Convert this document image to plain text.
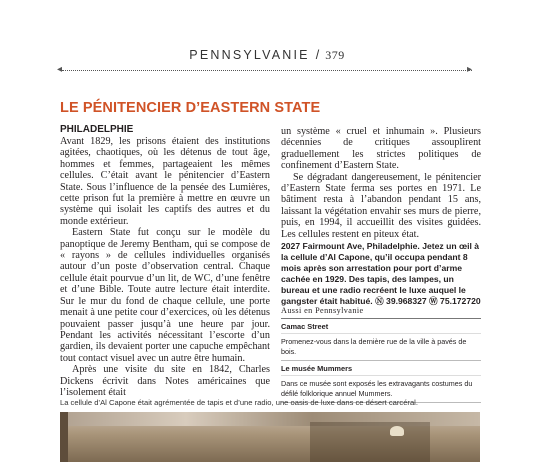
PENNSYLVANIE / 379
◂	▸
LE PÉNITENCIER D’EASTERN STATE
PHILADELPHIE

Avant 1829, les prisons étaient des institutions agitées, chaotiques, où les détenus de tout âge, hommes et femmes, partageaient les mêmes cellules. C’était avant le pénitencier d’Eastern State. Sous l’influence de la pensée des Lumières, cette prison fut la première à mettre en œuvre un système qui isolait les captifs des autres et du monde extérieur.

Eastern State fut conçu sur le modèle du panoptique de Jeremy Bentham, qui se compose de « rayons » de cellules individuelles organisés autour d’un poste d’observation central. Chaque cellule était pourvue d’un lit, de WC, d’une fenêtre et d’une Bible. Toute autre lecture était interdite. Sur le mur du fond de chaque cellule, une porte menait à une petite cour d’exercices, où les détenus pouvaient passer jusqu’à une heure par jour. Pendant les activités nécessitant l’escorte d’un gardien, ils devaient porter une capuche empêchant tout contact visuel avec un autre être humain.

Après une visite du site en 1842, Charles Dickens écrivit dans Notes américaines que l’isolement était

un système « cruel et inhumain ». Plusieurs décennies de critiques assouplirent graduellement les strictes politiques de confinement d’Eastern State.

Se dégradant dangereusement, le pénitencier d’Eastern State ferma ses portes en 1971. Le bâtiment resta à l’abandon pendant 15 ans, laissant la végétation envahir ses murs de pierre, puis, en 1994, il accueillit des visites guidées. Les cellules restent en piteux état.

2027 Fairmount Ave, Philadelphie. Jetez un œil à la cellule d’Al Capone, qu’il occupa pendant 8 mois après son arrestation pour port d’arme cachée en 1929. Des tapis, des lampes, un bureau et une radio recréent le luxe auquel le gangster était habitué. Ⓝ 39.968327 Ⓦ 75.172720
Aussi en Pennsylvanie
Camac Street
Promenez-vous dans la dernière rue de la ville à pavés de bois.
Le musée Mummers
Dans ce musée sont exposés les extravagants costumes du défilé folklorique annuel Mummers.
La cellule d’Al Capone était agrémentée de tapis et d’une radio, une oasis de luxe dans ce désert carcéral.
